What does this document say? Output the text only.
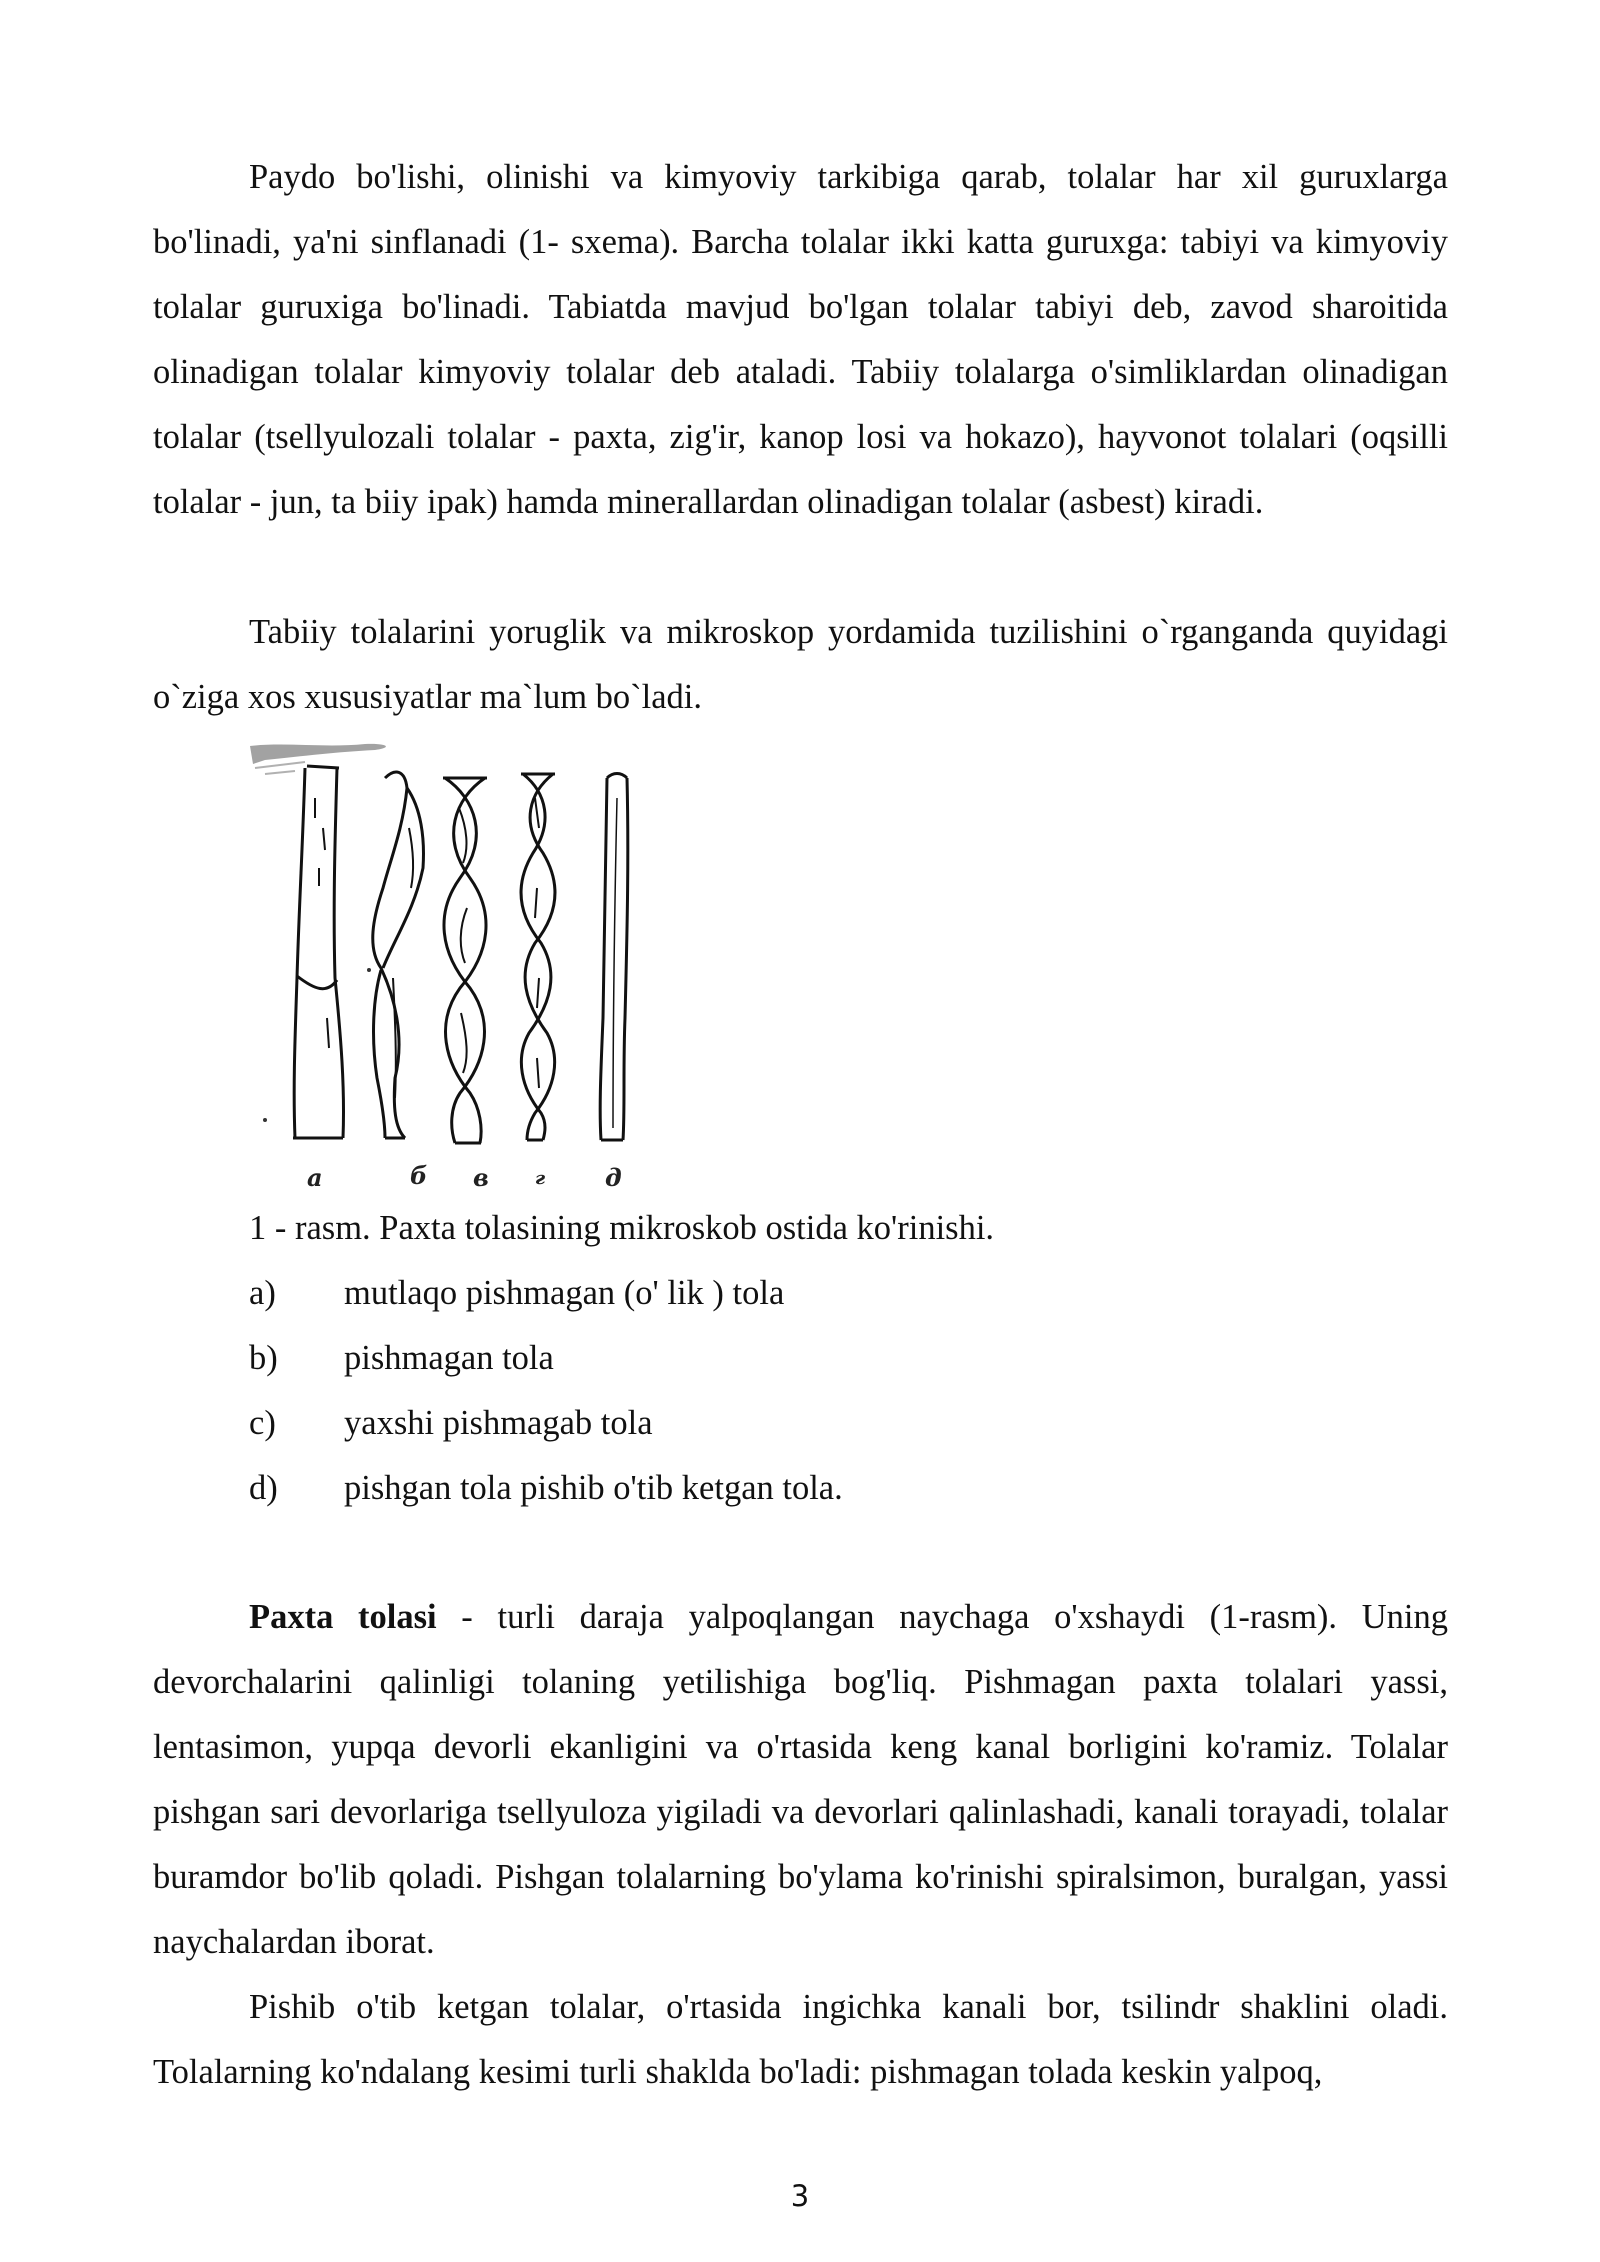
Paydo bo'lishi, olinishi va kimyoviy tarkibiga qarab, tolalar har xil guruxlarga bo'linadi, ya'ni sinflanadi (1- sxema). Barcha tolalar ikki katta guruxga: tabiyi va kimyoviy tolalar guruxiga bo'linadi. Tabiatda mavjud bo'lgan tolalar tabiyi deb, zavod sharoitida olinadigan tolalar kimyoviy tolalar deb ataladi. Tabiiy tolalarga o'simliklardan olinadigan tolalar (tsellyulozali tolalar - paxta, zig'ir, kanop losi va hokazo), hayvonot tolalari (oqsilli tolalar - jun, ta biiy ipak) hamda minerallardan olinadigan tolalar (asbest) kiradi.

Tabiiy tolalarini yoruglik va mikroskop yordamida tuzilishini o`rganganda quyidagi o`ziga xos xususiyatlar ma`lum bo`ladi.

а	б в	г д

1 - rasm. Paxta tolasining mikroskob ostida ko'rinishi.

a) mutlaqo pishmagan (o' lik ) tola
b) pishmagan tola
c) yaxshi pishmagab tola
d) pishgan tola pishib o'tib ketgan tola.

Paxta tolasi - turli daraja yalpoqlangan naychaga o'xshaydi (1-rasm). Uning devorchalarini qalinligi tolaning yetilishiga bog'liq. Pishmagan paxta tolalari yassi, lentasimon, yupqa devorli ekanligini va o'rtasida keng kanal borligini ko'ramiz. Tolalar pishgan sari devorlariga tsellyuloza yigiladi va devorlari qalinlashadi, kanali torayadi, tolalar buramdor bo'lib qoladi. Pishgan tolalarning bo'ylama ko'rinishi spiralsimon, buralgan, yassi naychalardan iborat.

Pishib o'tib ketgan tolalar, o'rtasida ingichka kanali bor, tsilindr shaklini oladi. Tolalarning ko'ndalang kesimi turli shaklda bo'ladi: pishmagan tolada keskin yalpoq,

3
